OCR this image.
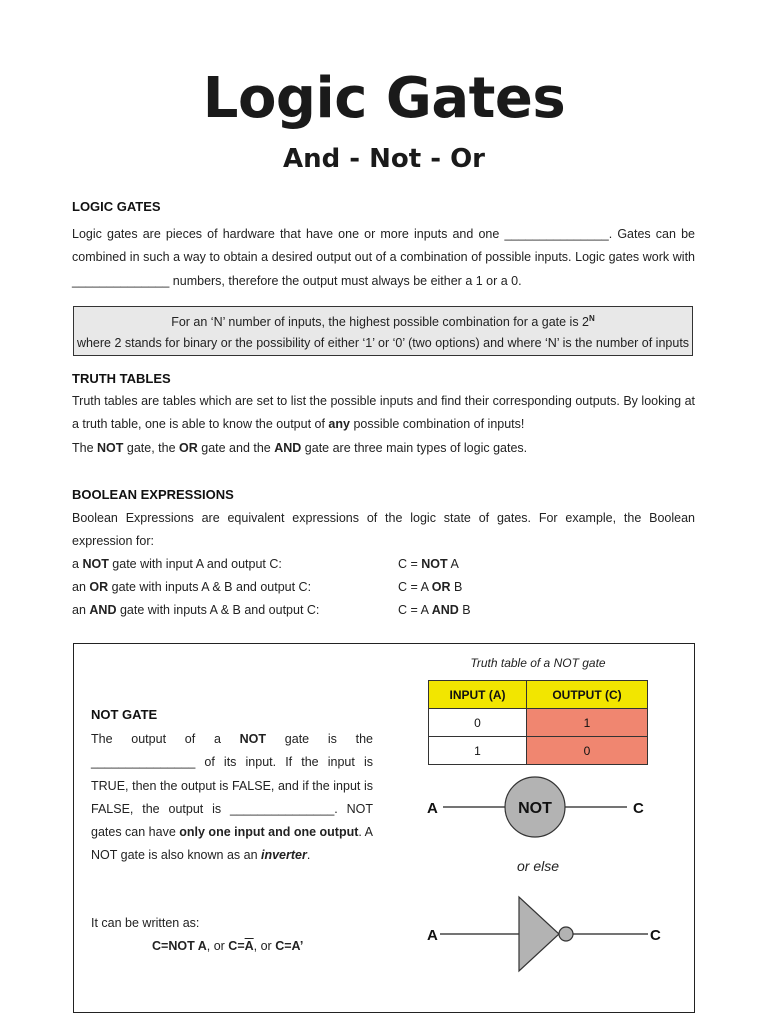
Logic Gates
And - Not - Or

LOGIC GATES

Logic gates are pieces of hardware that have one or more inputs and one _______________. Gates can be combined in such a way to obtain a desired output out of a combination of possible inputs. Logic gates work with ______________ numbers, therefore the output must always be either a 1 or a 0.

For an ‘N’ number of inputs, the highest possible combination for a gate is $2^N$
where 2 stands for binary or the possibility of either ‘1’ or ‘0’ (two options) and where ‘N’ is the number of inputs

TRUTH TABLES

Truth tables are tables which are set to list the possible inputs and find their corresponding outputs. By looking at a truth table, one is able to know the output of any possible combination of inputs!

The NOT gate, the OR gate and the AND gate are three main types of logic gates.

BOOLEAN EXPRESSIONS

Boolean Expressions are equivalent expressions of the logic state of gates. For example, the Boolean expression for:

a NOT gate with input A and output C:	C = NOT A
an OR gate with inputs A & B and output C:	C = A OR B
an AND gate with inputs A & B and output C:	C = A AND B
Truth table of a NOT gate
INPUT (A)	OUTPUT (C)
0	1
1	0
NOT GATE

The output of a NOT gate is the _______________ of its input. If the input is TRUE, then the output is FALSE, and if the input is FALSE, the output is _______________. NOT gates can have only one input and one output. A NOT gate is also known as an inverter.

It can be written as:
C=NOT A, or $C=\overline{A}$, or C=A’
NOT
A	C
A	C
or else
